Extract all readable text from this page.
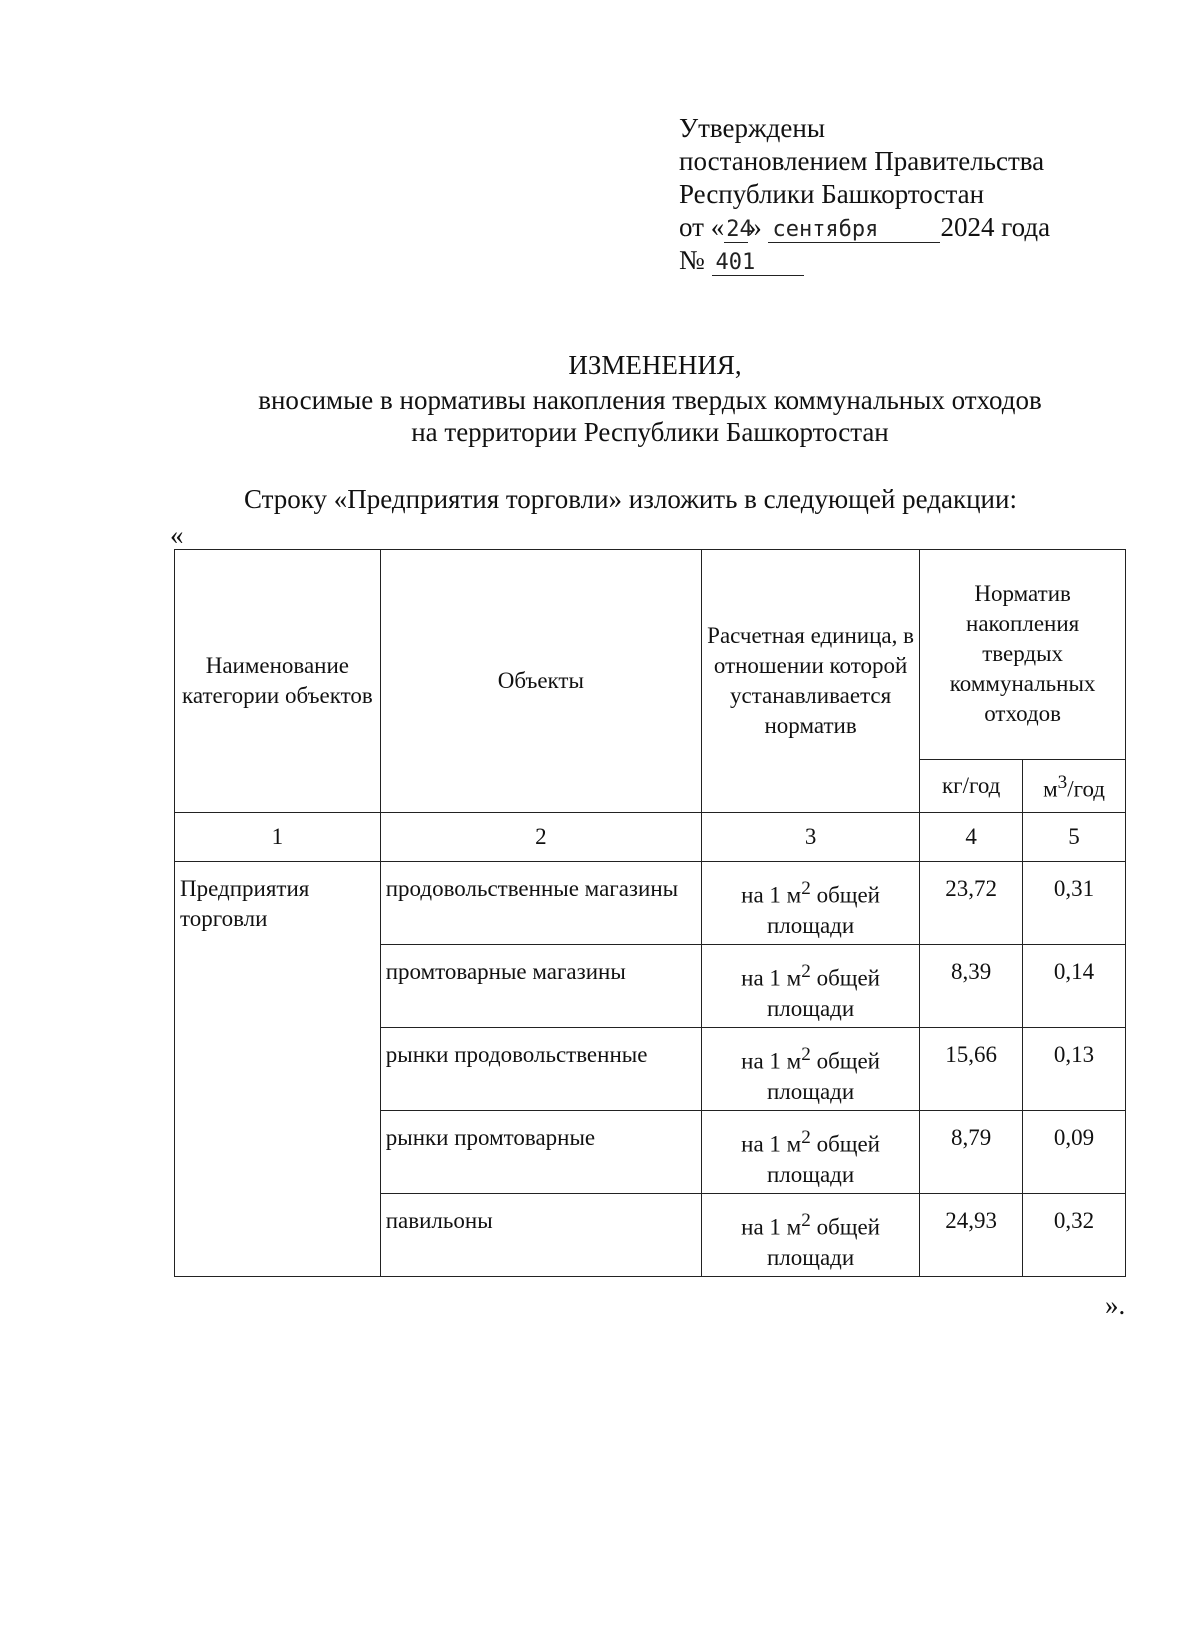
Утверждены
постановлением Правительства
Республики Башкортостан
от «24» сентября 2024 года
№ 401
ИЗМЕНЕНИЯ,
вносимые в нормативы накопления твердых коммунальных отходов
на территории Республики Башкортостан
Строку «Предприятия торговли» изложить в следующей редакции:
«
Наименование категории объектов	Объекты	Расчетная единица, в отношении которой устанавливается норматив	Норматив накопления твердых коммунальных отходов	
			кг/год	$м^3$/год
1	2	3	4	5
Предприятия торговли	продовольственные магазины	на 1 $м^2$ общей площади	23,72	0,31
	промтоварные магазины	на 1 $м^2$ общей площади	8,39	0,14
	рынки продовольственные	на 1 $м^2$ общей площади	15,66	0,13
	рынки промтоварные	на 1 $м^2$ общей площади	8,79	0,09
	павильоны	на 1 $м^2$ общей площади	24,93	0,32
».
